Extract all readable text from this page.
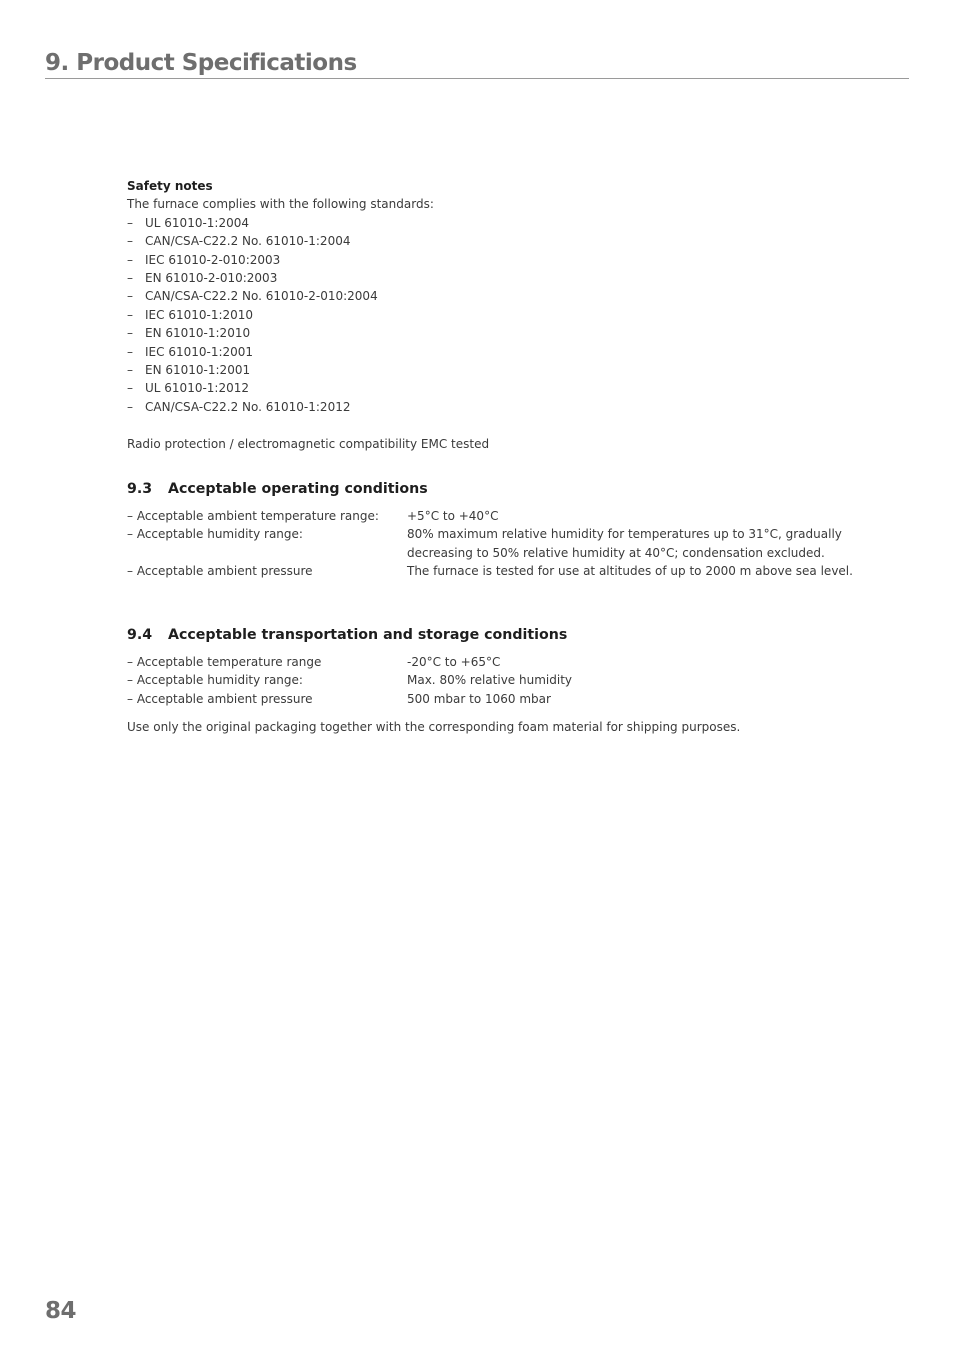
9. Product Specifications

Safety notes

The furnace complies with the following standards:

– UL 61010-1:2004
– CAN/CSA-C22.2 No. 61010-1:2004
– IEC 61010-2-010:2003
– EN 61010-2-010:2003
– CAN/CSA-C22.2 No. 61010-2-010:2004
– IEC 61010-1:2010
– EN 61010-1:2010
– IEC 61010-1:2001
– EN 61010-1:2001
– UL 61010-1:2012
– CAN/CSA-C22.2 No. 61010-1:2012

Radio protection / electromagnetic compatibility EMC tested

9.3 Acceptable operating conditions
– Acceptable ambient temperature range:	+5°C to +40°C
– Acceptable humidity range:	80% maximum relative humidity for temperatures up to 31°C, gradually decreasing to 50% relative humidity at 40°C; condensation excluded.
– Acceptable ambient pressure	The furnace is tested for use at altitudes of up to 2000 m above sea level.
9.4 Acceptable transportation and storage conditions
– Acceptable temperature range	-20°C to +65°C
– Acceptable humidity range:	Max. 80% relative humidity
– Acceptable ambient pressure	500 mbar to 1060 mbar

Use only the original packaging together with the corresponding foam material for shipping purposes.

84
